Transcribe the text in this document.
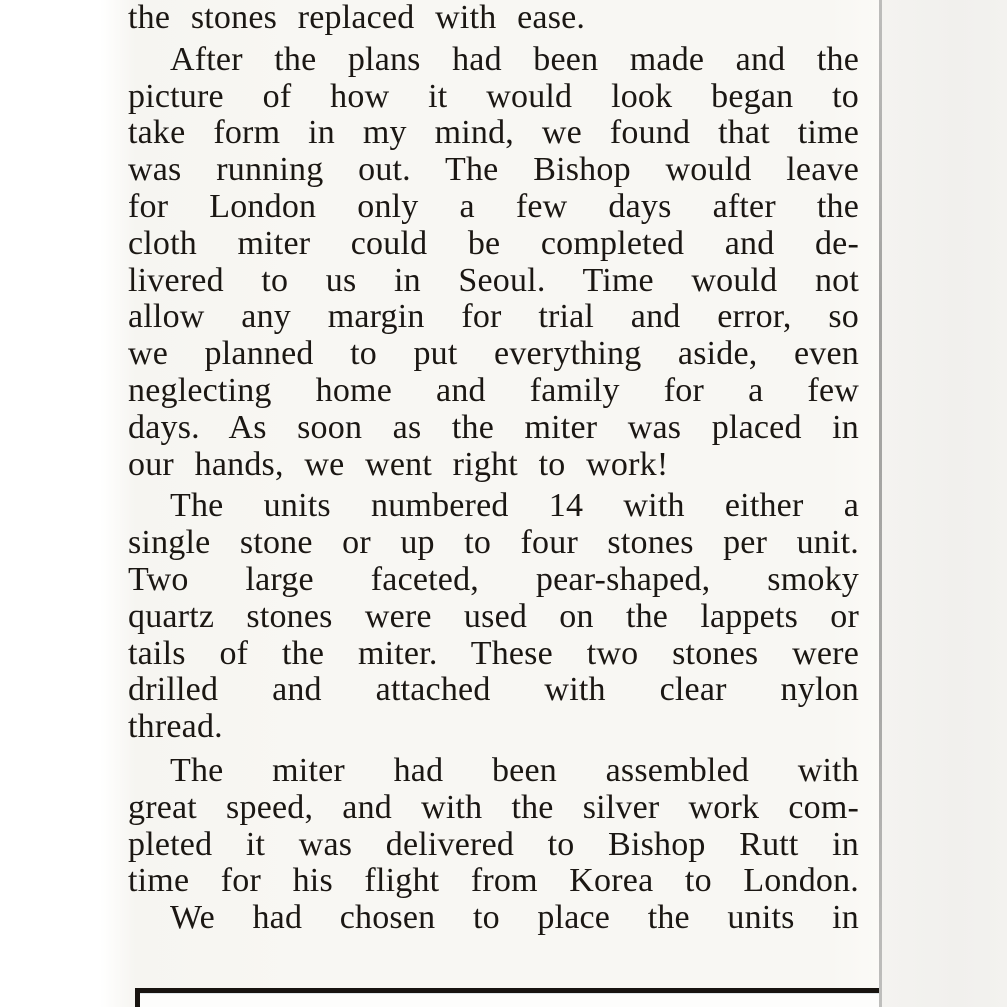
the stones replaced with ease.
After the plans had been made and the
picture of how it would look began to
take form in my mind, we found that time
was running out. The Bishop would leave
for London only a few days after the
cloth miter could be completed and de-
livered to us in Seoul. Time would not
allow any margin for trial and error, so
we planned to put everything aside, even
neglecting home and family for a few
days. As soon as the miter was placed in
our hands, we went right to work!
The units numbered 14 with either a
single stone or up to four stones per unit.
Two large faceted, pear-shaped, smoky
quartz stones were used on the lappets or
tails of the miter. These two stones were
drilled and attached with clear nylon
thread.
The miter had been assembled with
great speed, and with the silver work com-
pleted it was delivered to Bishop Rutt in
time for his flight from Korea to London.
We had chosen to place the units in
